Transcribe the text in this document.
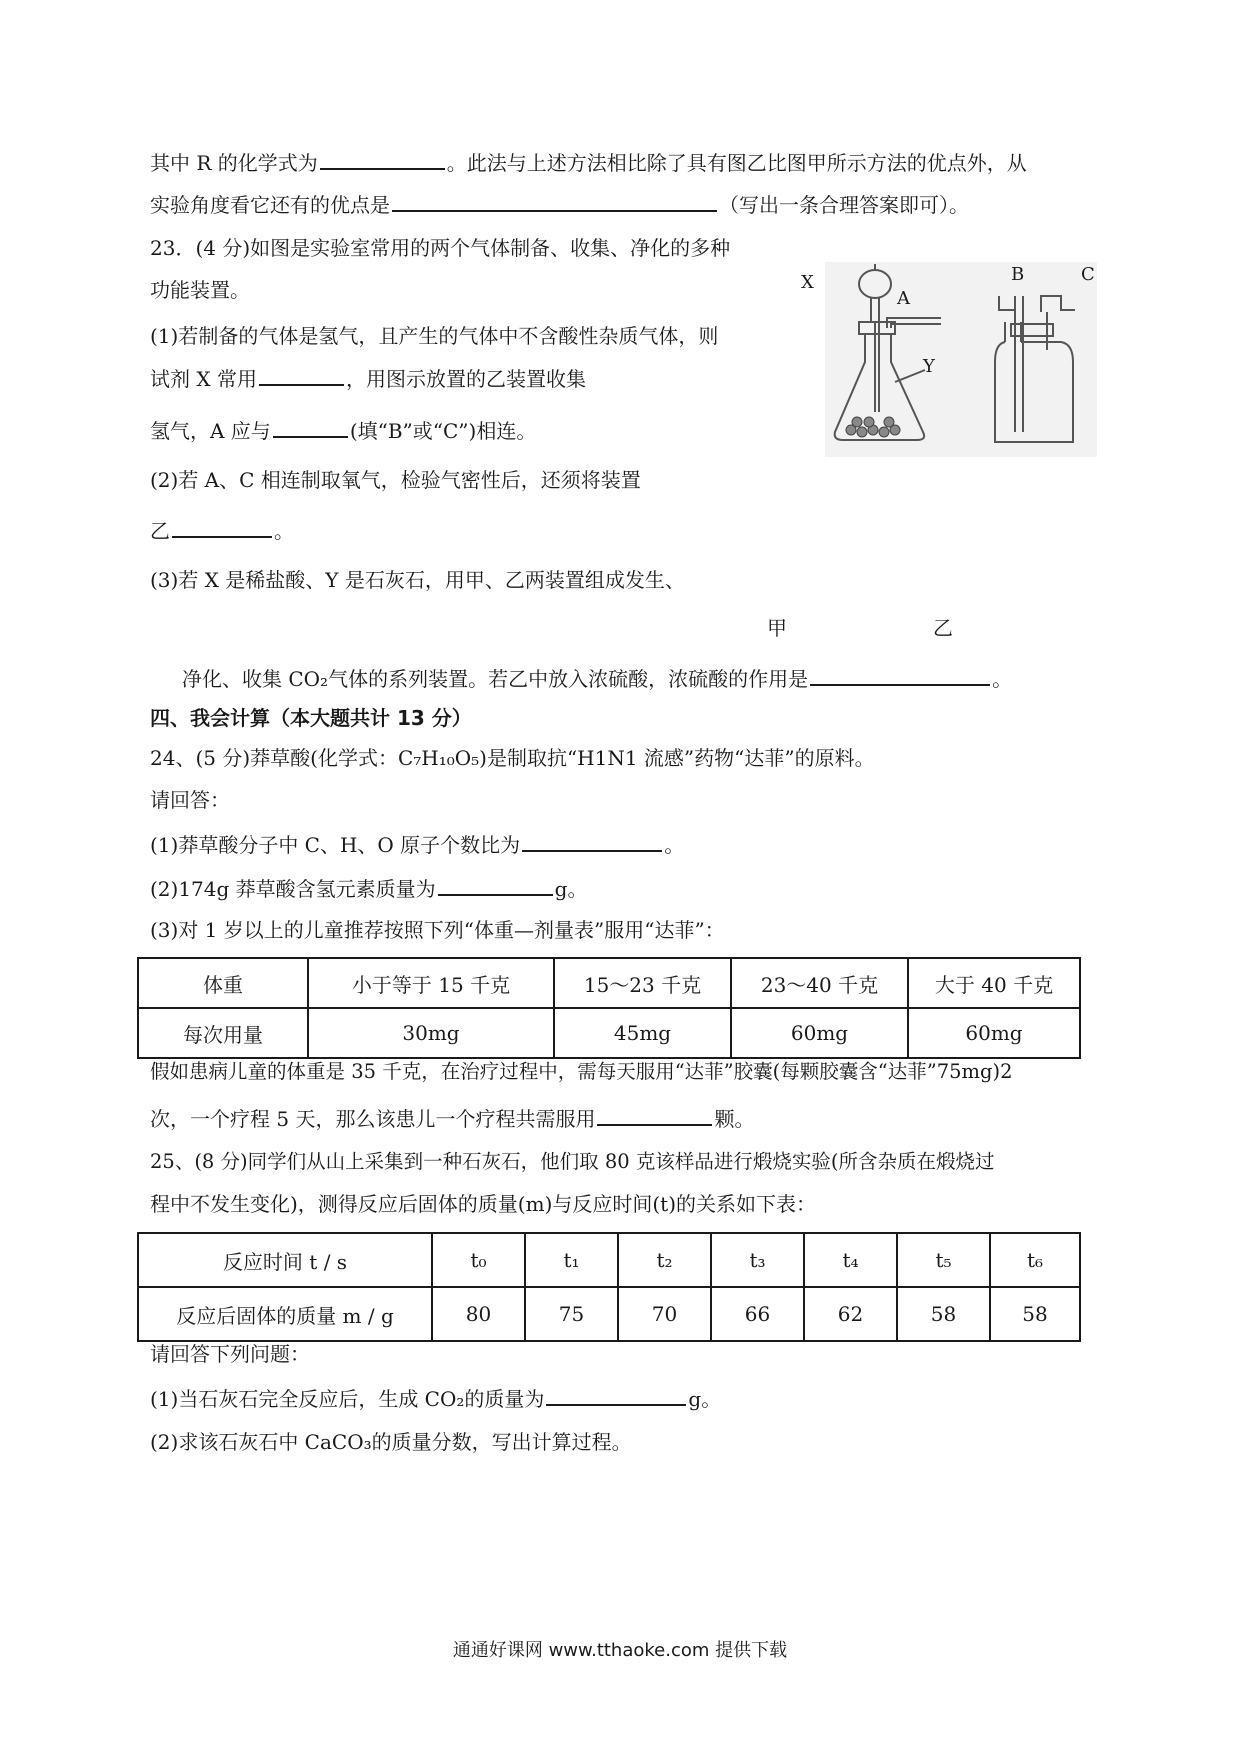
其中 R 的化学式为	。此法与上述方法相比除了具有图乙比图甲所示方法的优点外，从
实验角度看它还有的优点是	（写出一条合理答案即可）。
23．(4 分)如图是实验室常用的两个气体制备、收集、净化的多种
功能装置。
(1)若制备的气体是氢气，且产生的气体中不含酸性杂质气体，则
试剂 X 常用	，用图示放置的乙装置收集
氢气，A 应与	(填“B”或“C”)相连。
(2)若 A、C 相连制取氧气，检验气密性后，还须将装置
乙	。
(3)若 X 是稀盐酸、Y 是石灰石，用甲、乙两装置组成发生、
甲	乙
净化、收集 CO₂气体的系列装置。若乙中放入浓硫酸，浓硫酸的作用是	。
X
A
Y
B	C
四、我会计算（本大题共计 13 分）
24、(5 分)莽草酸(化学式：C₇H₁₀O₅)是制取抗“H1N1 流感”药物“达菲”的原料。
请回答：
(1)莽草酸分子中 C、H、O 原子个数比为	。
(2)174g 莽草酸含氢元素质量为	g。
(3)对 1 岁以上的儿童推荐按照下列“体重—剂量表”服用“达菲”：
体重	小于等于 15 千克	15～23 千克	23～40 千克	大于 40 千克
每次用量	30mg	45mg	60mg	60mg
假如患病儿童的体重是 35 千克，在治疗过程中，需每天服用“达菲”胶囊(每颗胶囊含“达菲”75mg)2
次，一个疗程 5 天，那么该患儿一个疗程共需服用	颗。
25、(8 分)同学们从山上采集到一种石灰石，他们取 80 克该样品进行煅烧实验(所含杂质在煅烧过
程中不发生变化)，测得反应后固体的质量(m)与反应时间(t)的关系如下表：
反应时间 t / s	t₀	t₁	t₂	t₃	t₄	t₅	t₆
反应后固体的质量 m / g	80	75	70	66	62	58	58
请回答下列问题：
(1)当石灰石完全反应后，生成 CO₂的质量为	g。
(2)求该石灰石中 CaCO₃的质量分数，写出计算过程。
通通好课网 www.tthaoke.com 提供下载
